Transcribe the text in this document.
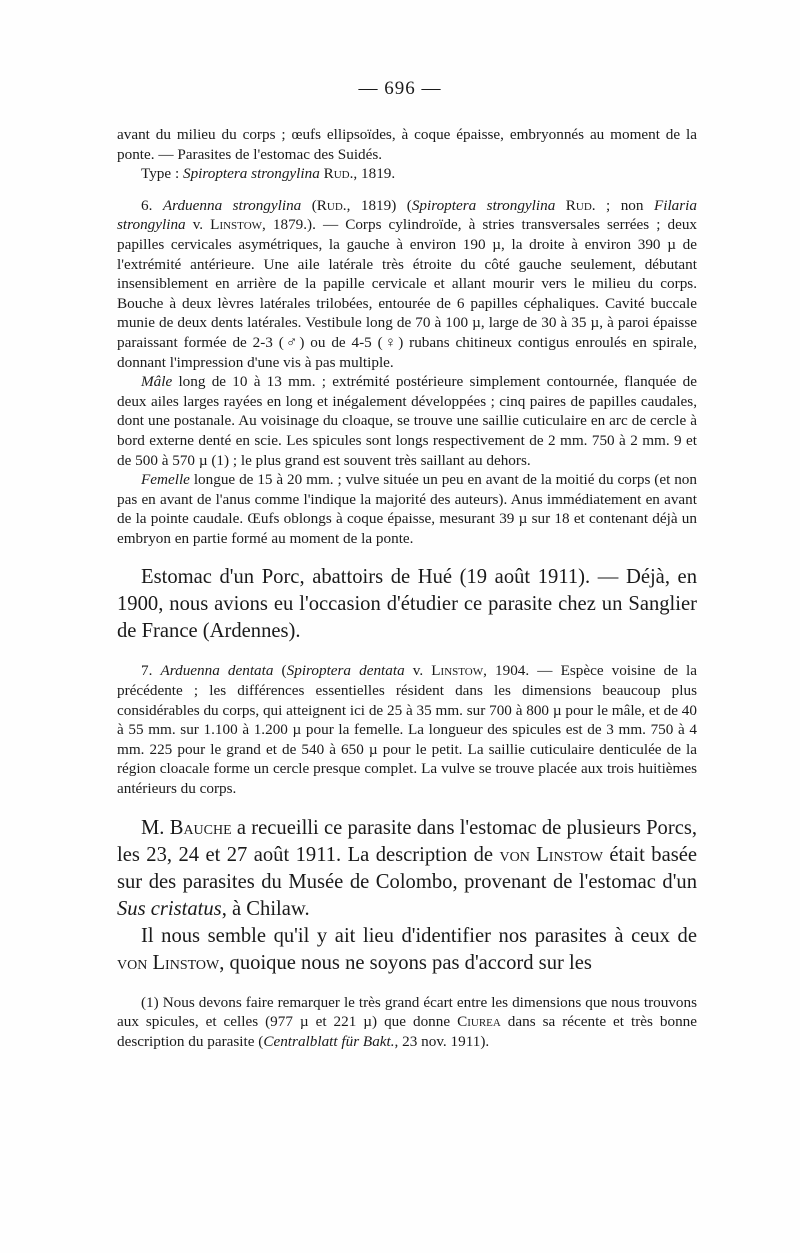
— 696 —

avant du milieu du corps ; œufs ellipsoïdes, à coque épaisse, embryonnés au moment de la ponte. — Parasites de l'estomac des Suidés.
Type : Spiroptera strongylina Rud., 1819.

6. Arduenna strongylina (Rud., 1819) (Spiroptera strongylina Rud. ; non Filaria strongylina v. Linstow, 1879.). — Corps cylindroïde, à stries transversales serrées ; deux papilles cervicales asymétriques, la gauche à environ 190 µ, la droite à environ 390 µ de l'extrémité antérieure. Une aile latérale très étroite du côté gauche seulement, débutant insensiblement en arrière de la papille cervicale et allant mourir vers le milieu du corps. Bouche à deux lèvres latérales trilobées, entourée de 6 papilles céphaliques. Cavité buccale munie de deux dents latérales. Vestibule long de 70 à 100 µ, large de 30 à 35 µ, à paroi épaisse paraissant formée de 2-3 (♂) ou de 4-5 (♀) rubans chitineux contigus enroulés en spirale, donnant l'impression d'une vis à pas multiple.

Mâle long de 10 à 13 mm. ; extrémité postérieure simplement contournée, flanquée de deux ailes larges rayées en long et inégalement développées ; cinq paires de papilles caudales, dont une postanale. Au voisinage du cloaque, se trouve une saillie cuticulaire en arc de cercle à bord externe denté en scie. Les spicules sont longs respectivement de 2 mm. 750 à 2 mm. 9 et de 500 à 570 µ (1) ; le plus grand est souvent très saillant au dehors.

Femelle longue de 15 à 20 mm. ; vulve située un peu en avant de la moitié du corps (et non pas en avant de l'anus comme l'indique la majorité des auteurs). Anus immédiatement en avant de la pointe caudale. Œufs oblongs à coque épaisse, mesurant 39 µ sur 18 et contenant déjà un embryon en partie formé au moment de la ponte.

Estomac d'un Porc, abattoirs de Hué (19 août 1911). — Déjà, en 1900, nous avions eu l'occasion d'étudier ce parasite chez un Sanglier de France (Ardennes).

7. Arduenna dentata (Spiroptera dentata v. Linstow, 1904. — Espèce voisine de la précédente ; les différences essentielles résident dans les dimensions beaucoup plus considérables du corps, qui atteignent ici de 25 à 35 mm. sur 700 à 800 µ pour le mâle, et de 40 à 55 mm. sur 1.100 à 1.200 µ pour la femelle. La longueur des spicules est de 3 mm. 750 à 4 mm. 225 pour le grand et de 540 à 650 µ pour le petit. La saillie cuticulaire denticulée de la région cloacale forme un cercle presque complet. La vulve se trouve placée aux trois huitièmes antérieurs du corps.

M. Bauche a recueilli ce parasite dans l'estomac de plusieurs Porcs, les 23, 24 et 27 août 1911. La description de von Linstow était basée sur des parasites du Musée de Colombo, provenant de l'estomac d'un Sus cristatus, à Chilaw.

Il nous semble qu'il y ait lieu d'identifier nos parasites à ceux de von Linstow, quoique nous ne soyons pas d'accord sur les

(1) Nous devons faire remarquer le très grand écart entre les dimensions que nous trouvons aux spicules, et celles (977 µ et 221 µ) que donne Ciurea dans sa récente et très bonne description du parasite (Centralblatt für Bakt., 23 nov. 1911).
